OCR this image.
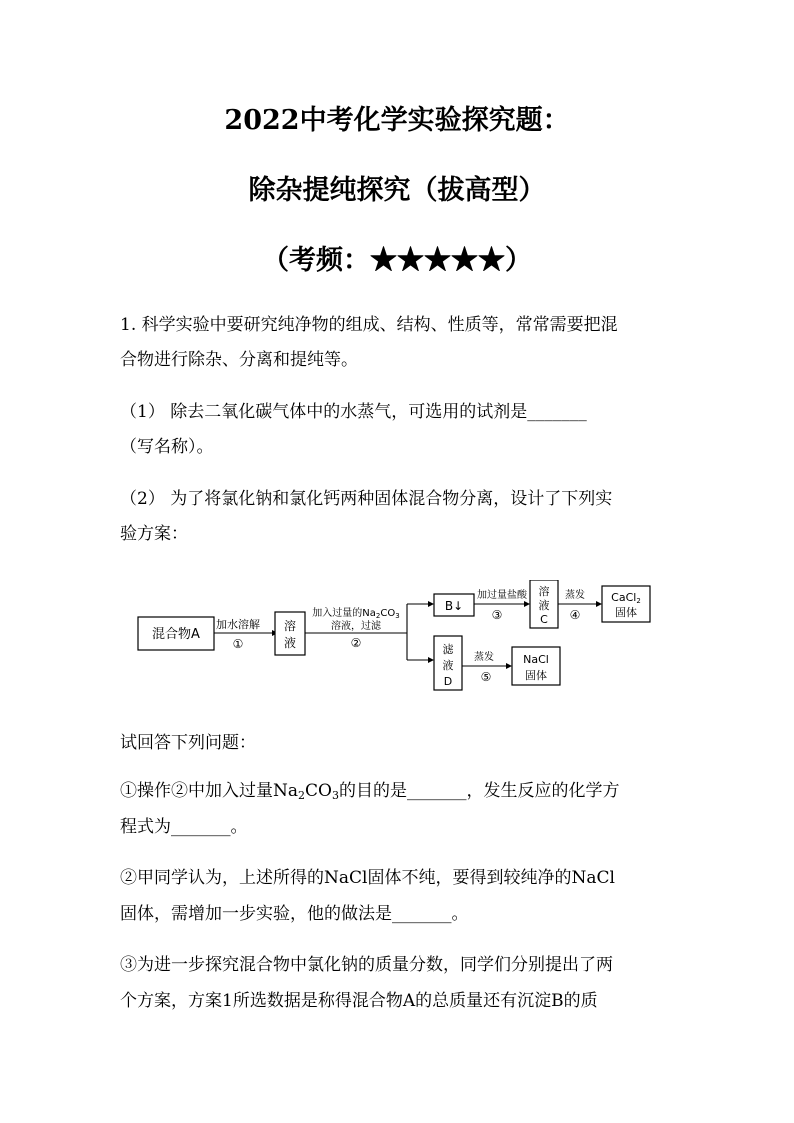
2022中考化学实验探究题：
除杂提纯探究（拔高型）
（考频：★★★★★）
1. 科学实验中要研究纯净物的组成、结构、性质等，常常需要把混
合物进行除杂、分离和提纯等。
（1） 除去二氧化碳气体中的水蒸气，可选用的试剂是_______
（写名称）。
（2） 为了将氯化钠和氯化钙两种固体混合物分离，设计了下列实
验方案：
混合物A
加水溶解
①
溶
液
加入过量的$Na_2CO_3$
溶液，过滤
②
B↓
加过量盐酸
③
溶
液
C
蒸发
④
CaCl2
固体
滤
液
D
蒸发
⑤
NaCl
固体
试回答下列问题：
①操作②中加入过量$Na_2CO_3$的目的是_______，发生反应的化学方
程式为_______。
②甲同学认为，上述所得的NaCl固体不纯，要得到较纯净的NaCl
固体，需增加一步实验，他的做法是_______。
③为进一步探究混合物中氯化钠的质量分数，同学们分别提出了两
个方案，方案1所选数据是称得混合物A的总质量还有沉淀B的质
